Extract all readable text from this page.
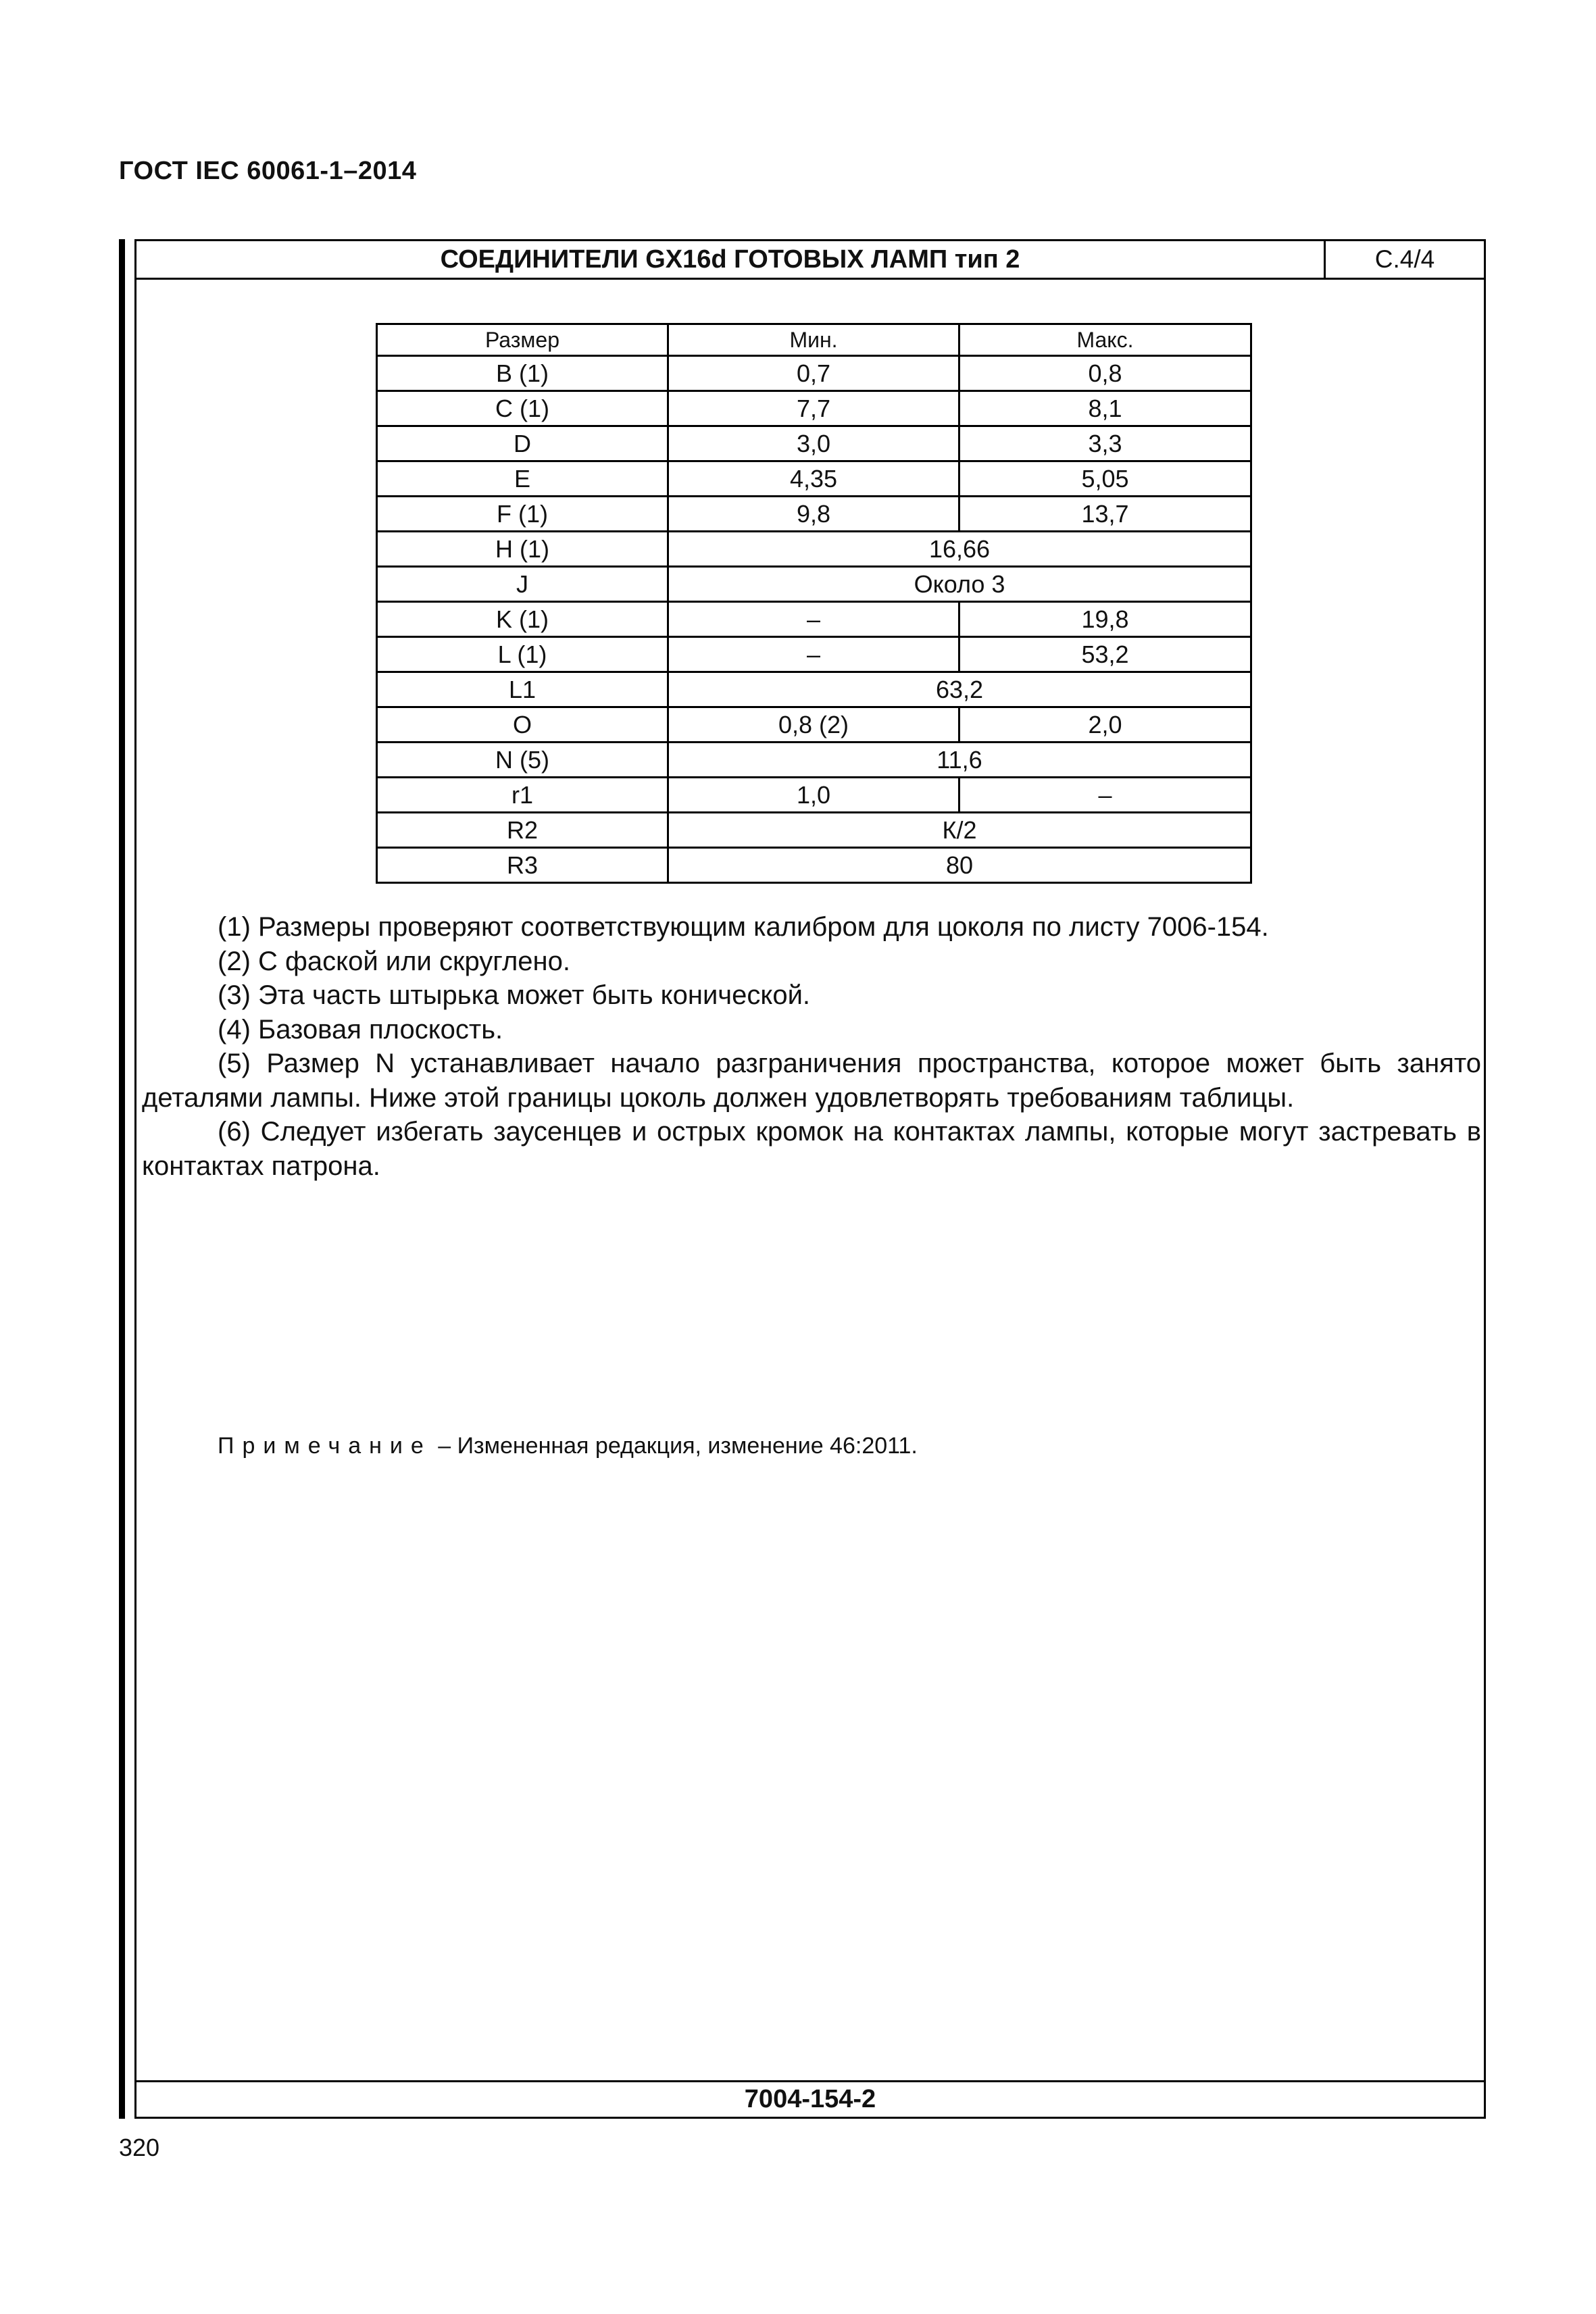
ГОСТ IEC 60061-1–2014
СОЕДИНИТЕЛИ GX16d ГОТОВЫХ ЛАМП тип 2	С.4/4
Размер	Мин.	Макс.
B (1)	0,7	0,8
C (1)	7,7	8,1
D	3,0	3,3
E	4,35	5,05
F (1)	9,8	13,7
H (1)	16,66	
J	Около 3	
K (1)	–	19,8
L (1)	–	53,2
L1	63,2	
O	0,8 (2)	2,0
N (5)	11,6	
r1	1,0	–
R2	К/2	
R3	80	

(1) Размеры проверяют соответствующим калибром для цоколя по листу 7006-154.

(2) С фаской или скруглено.

(3) Эта часть штырька может быть конической.

(4) Базовая плоскость.

(5) Размер N устанавливает начало разграничения пространства, которое может быть занято деталями лампы. Ниже этой границы цоколь должен удовлетворять требованиям таблицы.

(6) Следует избегать заусенцев и острых кромок на контактах лампы, которые могут застревать в контактах патрона.

Примечание – Измененная редакция, изменение 46:2011.
7004-154-2
320
